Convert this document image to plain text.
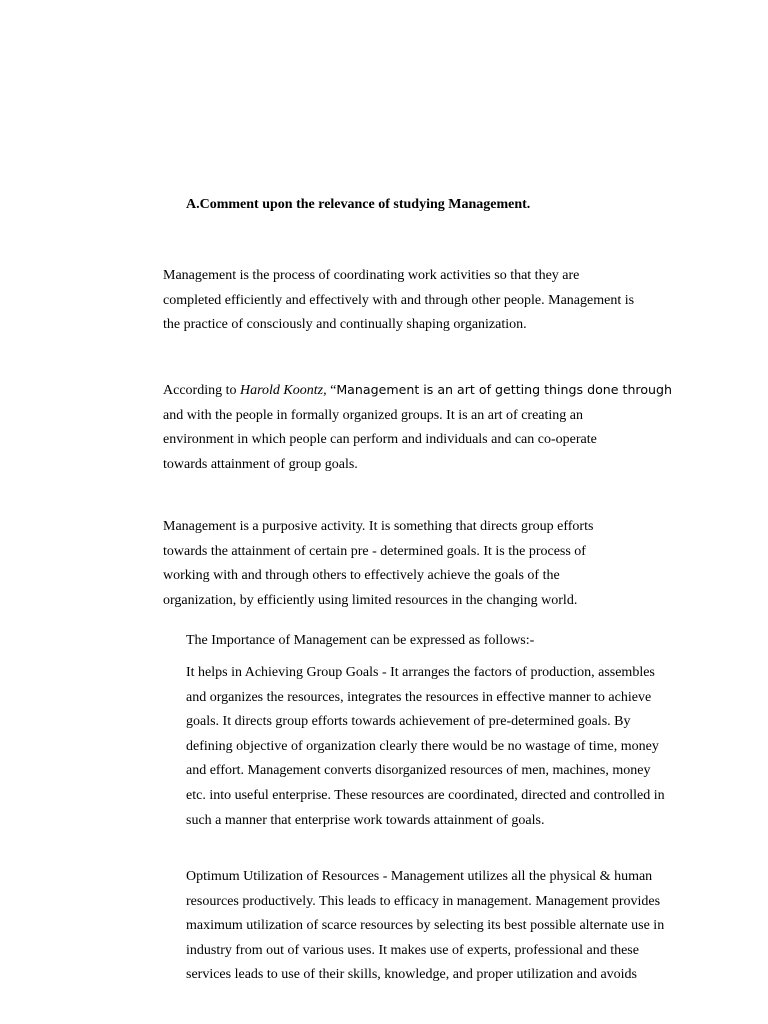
A.Comment upon the relevance of studying Management.
Management is the process of coordinating work activities so that they are
completed efficiently and effectively with and through other people. Management is
the practice of consciously and continually shaping organization.
According to Harold Koontz, “Management is an art of getting things done through
and with the people in formally organized groups. It is an art of creating an
environment in which people can perform and individuals and can co-operate
towards attainment of group goals.
Management is a purposive activity. It is something that directs group efforts
towards the attainment of certain pre - determined goals. It is the process of
working with and through others to effectively achieve the goals of the
organization, by efficiently using limited resources in the changing world.
The Importance of Management can be expressed as follows:-
It helps in Achieving Group Goals - It arranges the factors of production, assembles
and organizes the resources, integrates the resources in effective manner to achieve
goals. It directs group efforts towards achievement of pre-determined goals. By
defining objective of organization clearly there would be no wastage of time, money
and effort. Management converts disorganized resources of men, machines, money
etc. into useful enterprise. These resources are coordinated, directed and controlled in
such a manner that enterprise work towards attainment of goals.
Optimum Utilization of Resources - Management utilizes all the physical & human
resources productively. This leads to efficacy in management. Management provides
maximum utilization of scarce resources by selecting its best possible alternate use in
industry from out of various uses. It makes use of experts, professional and these
services leads to use of their skills, knowledge, and proper utilization and avoids
